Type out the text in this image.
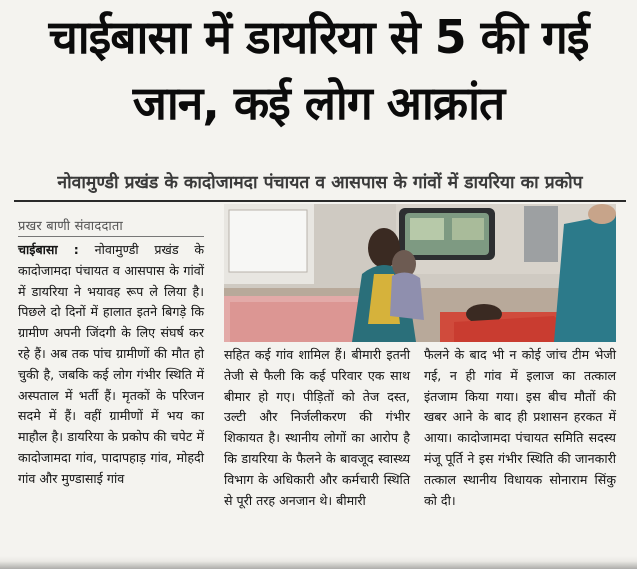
चाईबासा में डायरिया से 5 की गई जान, कई लोग आक्रांत
नोवामुण्डी प्रखंड के कादोजामदा पंचायत व आसपास के गांवों में डायरिया का प्रकोप
प्रखर बाणी संवाददाता
चाईबासा : नोवामुण्डी प्रखंड के कादोजामदा पंचायत व आसपास के गांवों में डायरिया ने भयावह रूप ले लिया है। पिछले दो दिनों में हालात इतने बिगड़े कि ग्रामीण अपनी जिंदगी के लिए संघर्ष कर रहे हैं। अब तक पांच ग्रामीणों की मौत हो चुकी है, जबकि कई लोग गंभीर स्थिति में अस्पताल में भर्ती हैं। मृतकों के परिजन सदमे में हैं। वहीं ग्रामीणों में भय का माहौल है। डायरिया के प्रकोप की चपेट में कादोजामदा गांव, पादापहाड़ गांव, मोहदी गांव और मुण्डासाई गांव
सहित कई गांव शामिल हैं। बीमारी इतनी तेजी से फैली कि कई परिवार एक साथ बीमार हो गए। पीड़ितों को तेज दस्त, उल्टी और निर्जलीकरण की गंभीर शिकायत है। स्थानीय लोगों का आरोप है कि डायरिया के फैलने के बावजूद स्वास्थ्य विभाग के अधिकारी और कर्मचारी स्थिति से पूरी तरह अनजान थे। बीमारी
फैलने के बाद भी न कोई जांच टीम भेजी गई, न ही गांव में इलाज का तत्काल इंतजाम किया गया। इस बीच मौतों की खबर आने के बाद ही प्रशासन हरकत में आया। कादोजामदा पंचायत समिति सदस्य मंजू पूर्ति ने इस गंभीर स्थिति की जानकारी तत्काल स्थानीय विधायक सोनाराम सिंकु को दी।
